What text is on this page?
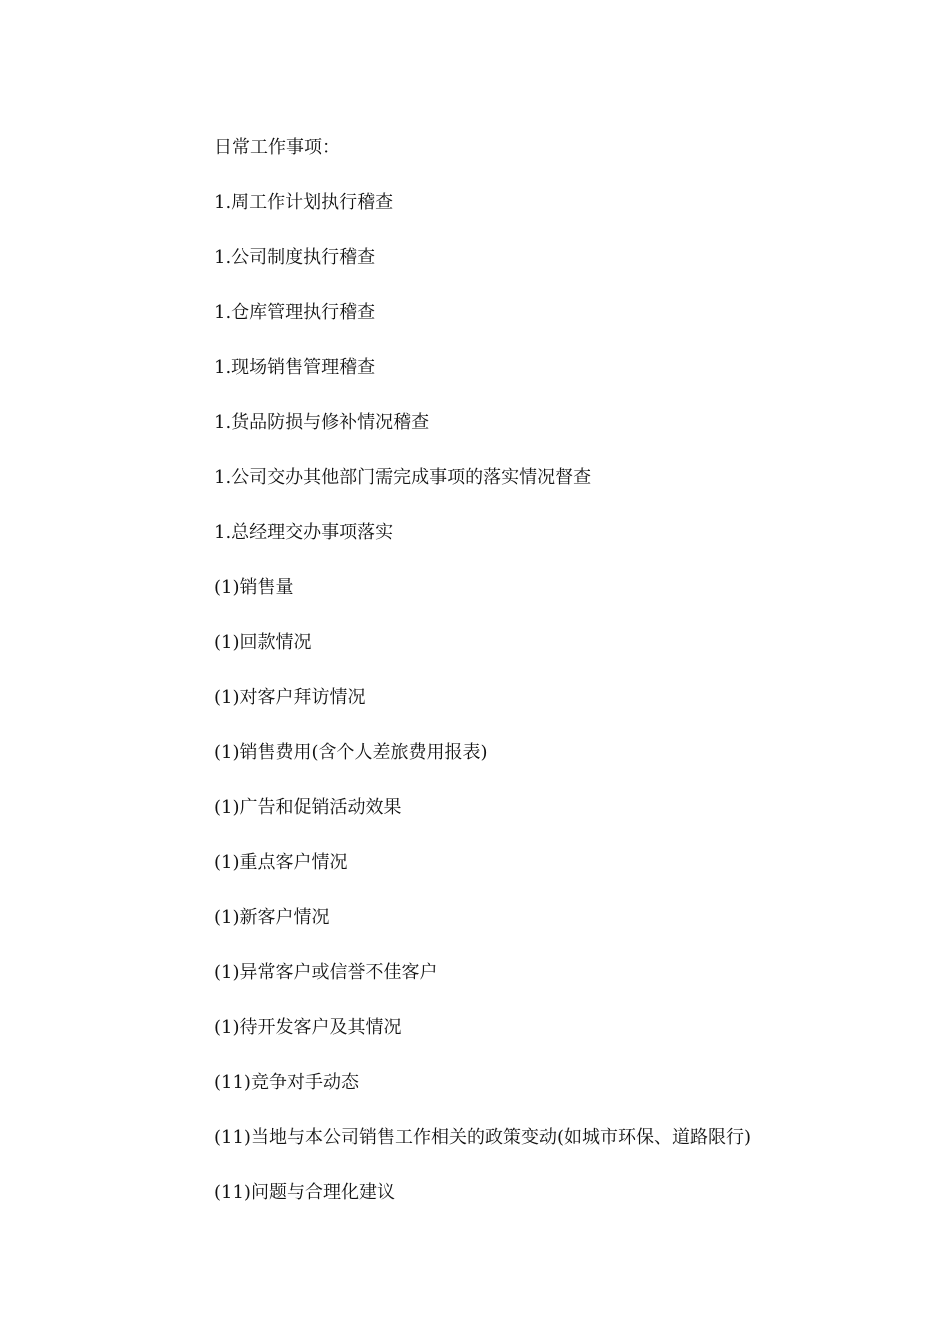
日常工作事项：
1.周工作计划执行稽查
1.公司制度执行稽查
1.仓库管理执行稽查
1.现场销售管理稽查
1.货品防损与修补情况稽查
1.公司交办其他部门需完成事项的落实情况督查
1.总经理交办事项落实
(1)销售量
(1)回款情况
(1)对客户拜访情况
(1)销售费用(含个人差旅费用报表)
(1)广告和促销活动效果
(1)重点客户情况
(1)新客户情况
(1)异常客户或信誉不佳客户
(1)待开发客户及其情况
(11)竞争对手动态
(11)当地与本公司销售工作相关的政策变动(如城市环保、道路限行)
(11)问题与合理化建议
